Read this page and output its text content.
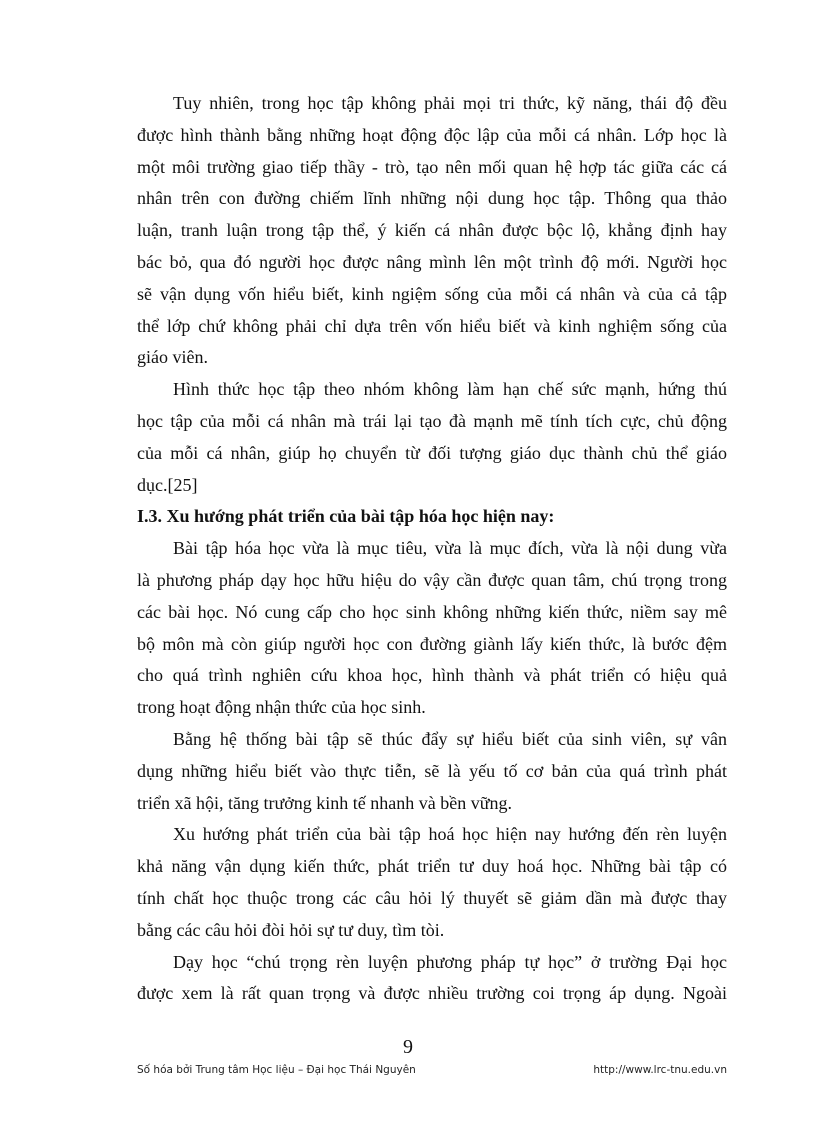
Tuy nhiên, trong học tập không phải mọi tri thức, kỹ năng, thái độ đều
được hình thành bằng những hoạt động độc lập của mỗi cá nhân. Lớp học là
một môi trường giao tiếp thầy - trò, tạo nên mối quan hệ hợp tác giữa các cá
nhân trên con đường chiếm lĩnh những nội dung học tập. Thông qua thảo
luận, tranh luận trong tập thể, ý kiến cá nhân được bộc lộ, khẳng định hay
bác bỏ, qua đó người học được nâng mình lên một trình độ mới. Người học
sẽ vận dụng vốn hiểu biết, kinh ngiệm sống của mỗi cá nhân và của cả tập
thể lớp chứ không phải chỉ dựa trên vốn hiểu biết và kinh nghiệm sống của
giáo viên.
Hình thức học tập theo nhóm không làm hạn chế sức mạnh, hứng thú
học tập của mỗi cá nhân mà trái lại tạo đà mạnh mẽ tính tích cực, chủ động
của mỗi cá nhân, giúp họ chuyển từ đối tượng giáo dục thành chủ thể giáo
dục.[25]
I.3. Xu hướng phát triển của bài tập hóa học hiện nay:
Bài tập hóa học vừa là mục tiêu, vừa là mục đích, vừa là nội dung vừa
là phương pháp dạy học hữu hiệu do vậy cần được quan tâm, chú trọng trong
các bài học. Nó cung cấp cho học sinh không những kiến thức, niềm say mê
bộ môn mà còn giúp người học con đường giành lấy kiến thức, là bước đệm
cho quá trình nghiên cứu khoa học, hình thành và phát triển có hiệu quả
trong hoạt động nhận thức của học sinh.
Bằng hệ thống bài tập sẽ thúc đẩy sự hiểu biết của sinh viên, sự vân
dụng những hiểu biết vào thực tiễn, sẽ là yếu tố cơ bản của quá trình phát
triển xã hội, tăng trưởng kinh tế nhanh và bền vững.
Xu hướng phát triển của bài tập hoá học hiện nay hướng đến rèn luyện
khả năng vận dụng kiến thức, phát triển tư duy hoá học. Những bài tập có
tính chất học thuộc trong các câu hỏi lý thuyết sẽ giảm dần mà được thay
bằng các câu hỏi đòi hỏi sự tư duy, tìm tòi.
Dạy học “chú trọng rèn luyện phương pháp tự học” ở trường Đại học
được xem là rất quan trọng và được nhiều trường coi trọng áp dụng. Ngoài
9
Số hóa bởi Trung tâm Học liệu – Đại học Thái Nguyên	http://www.lrc-tnu.edu.vn
